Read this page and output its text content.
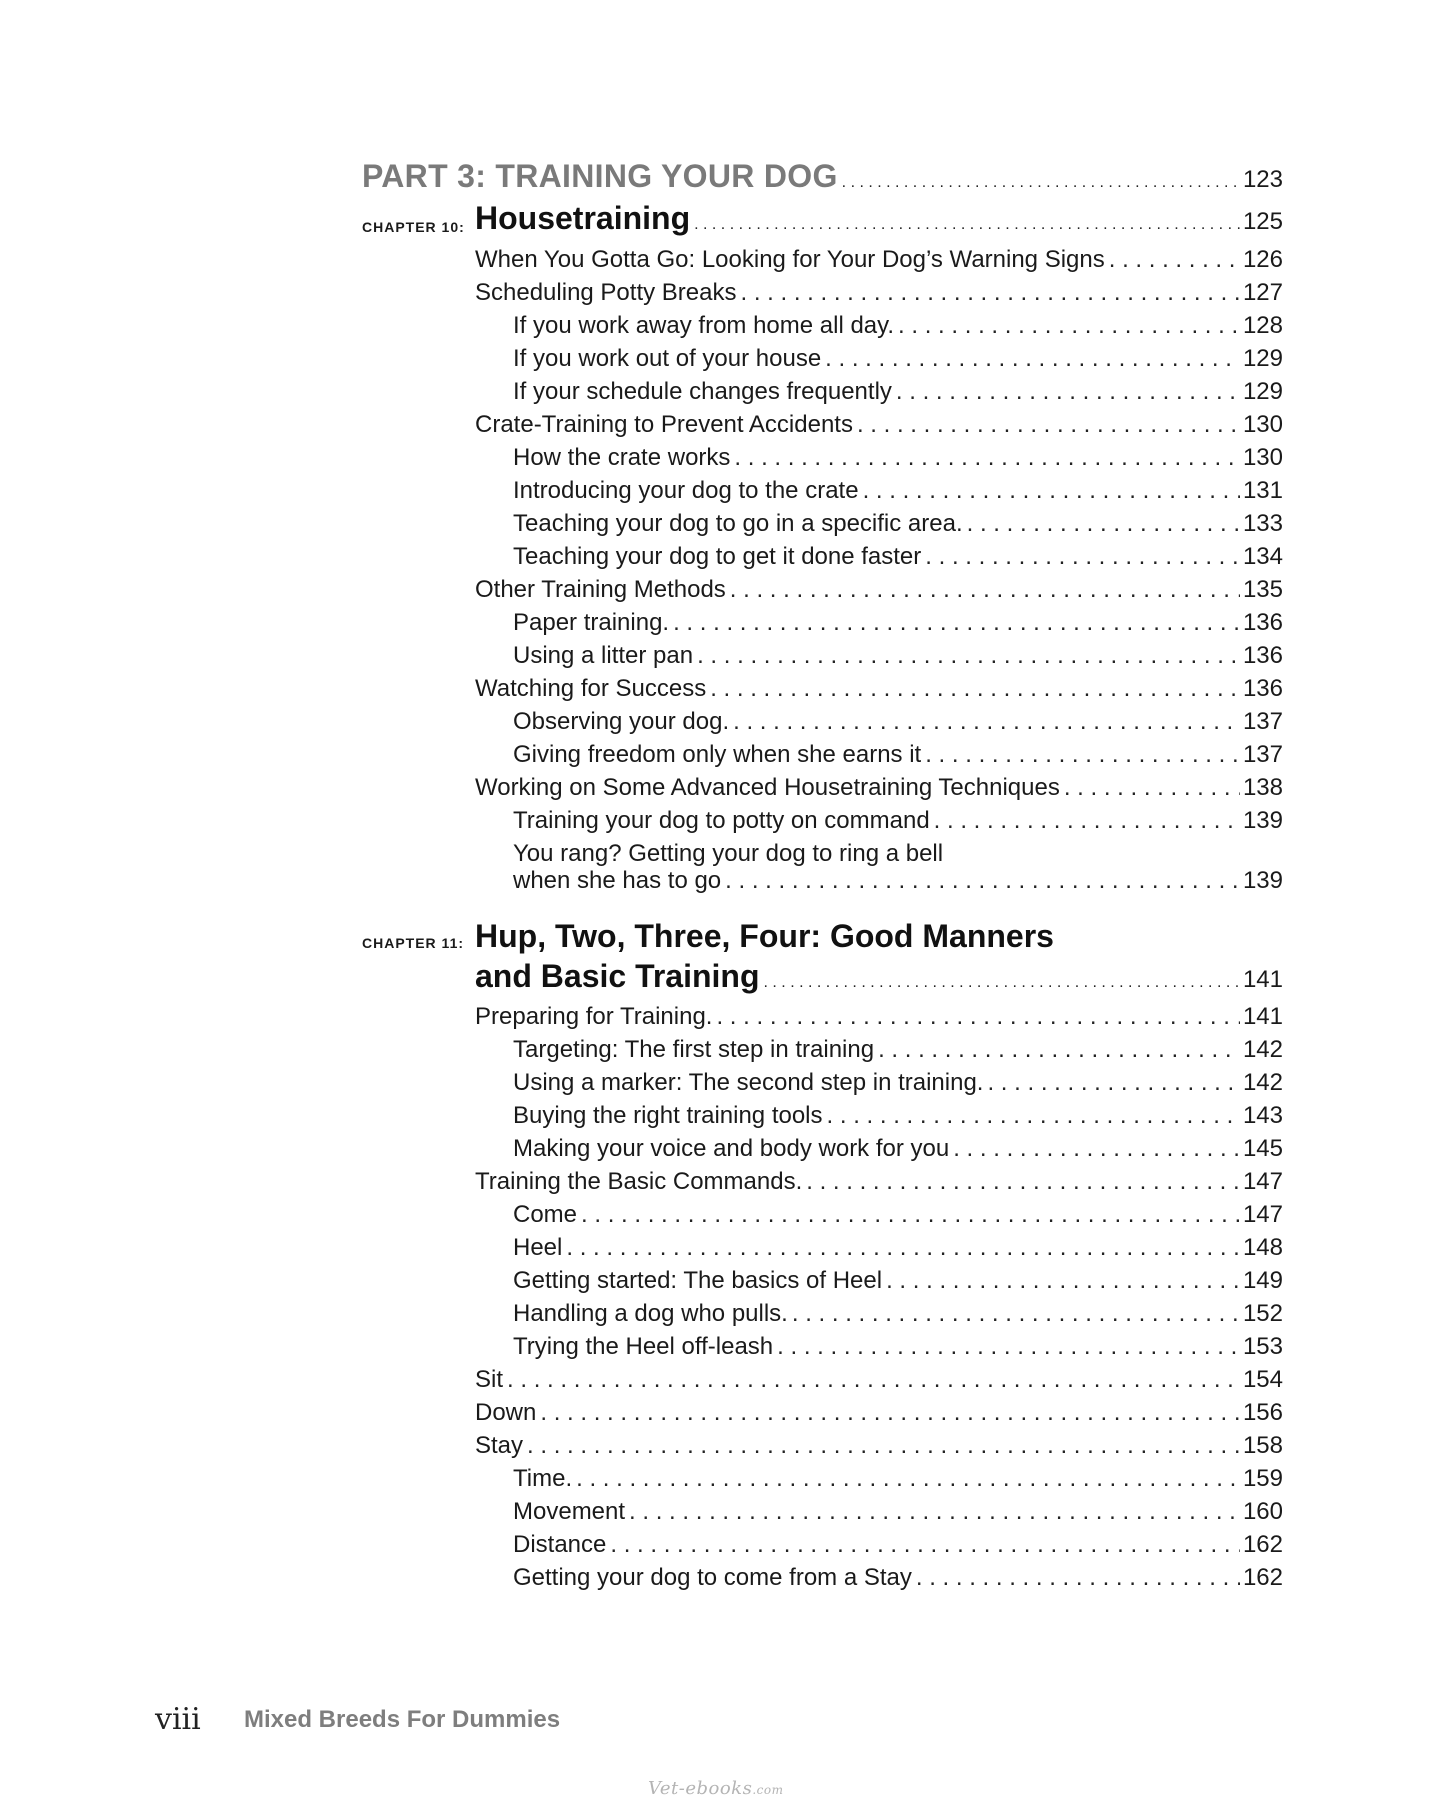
PART 3: TRAINING YOUR DOG . . .	123
CHAPTER 10: Housetraining . . .	125
When You Gotta Go: Looking for Your Dog’s Warning Signs . . .	126
Scheduling Potty Breaks . . .	127
If you work away from home all day. . . .	128
If you work out of your house . . .	129
If your schedule changes frequently . . .	129
Crate-Training to Prevent Accidents . . .	130
How the crate works . . .	130
Introducing your dog to the crate . . .	131
Teaching your dog to go in a specific area. . . .	133
Teaching your dog to get it done faster . . .	134
Other Training Methods . . .	135
Paper training. . . .	136
Using a litter pan . . .	136
Watching for Success . . .	136
Observing your dog. . . .	137
Giving freedom only when she earns it . . .	137
Working on Some Advanced Housetraining Techniques . . .	138
Training your dog to potty on command . . .	139
You rang? Getting your dog to ring a bell
when she has to go . . .	139
CHAPTER 11: Hup, Two, Three, Four: Good Manners
and Basic Training . . .	141
Preparing for Training. . . .	141
Targeting: The first step in training . . .	142
Using a marker: The second step in training. . . .	142
Buying the right training tools . . .	143
Making your voice and body work for you . . .	145
Training the Basic Commands. . . .	147
Come . . .	147
Heel . . .	148
Getting started: The basics of Heel . . .	149
Handling a dog who pulls. . . .	152
Trying the Heel off-leash . . .	153
Sit . . .	154
Down . . .	156
Stay . . .	158
Time. . . .	159
Movement . . .	160
Distance . . .	162
Getting your dog to come from a Stay . . .	162
viii Mixed Breeds For Dummies
Vet-ebooks.com
